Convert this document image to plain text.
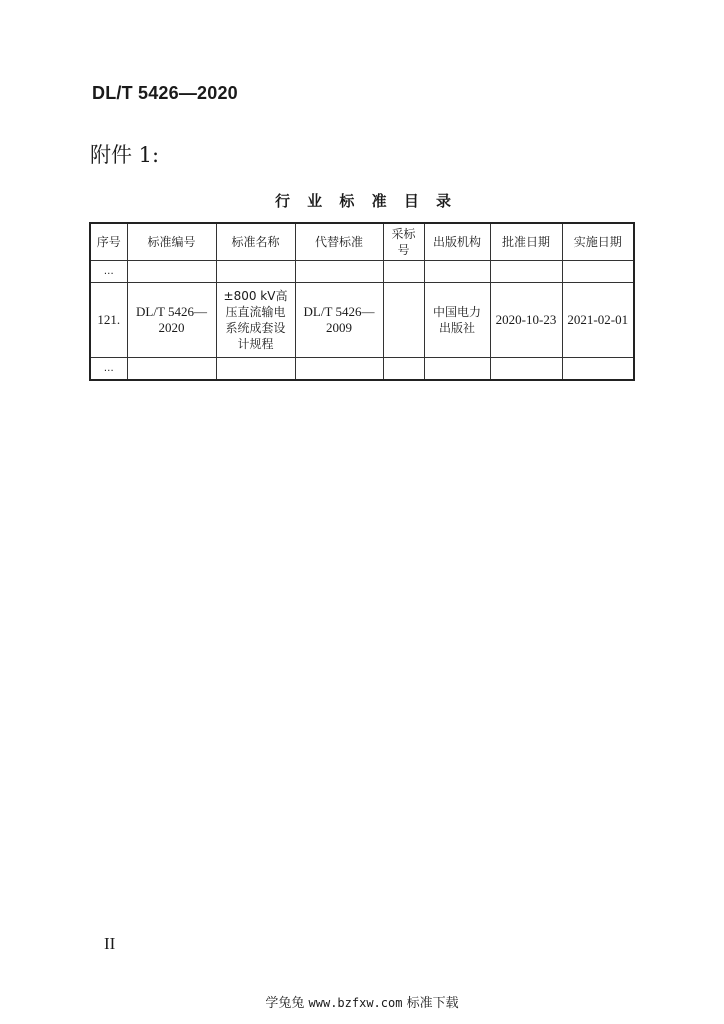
DL/T 5426—2020
附件 1:
行 业 标 准 目 录
序号	标准编号	标准名称	代替标准	采标号	出版机构	批准日期	实施日期
…							
121.	DL/T 5426—2020	±800 kV高压直流输电系统成套设计规程	DL/T 5426—2009		中国电力出版社	2020-10-23	2021-02-01
…							
II
学兔兔 www.bzfxw.com 标准下载
